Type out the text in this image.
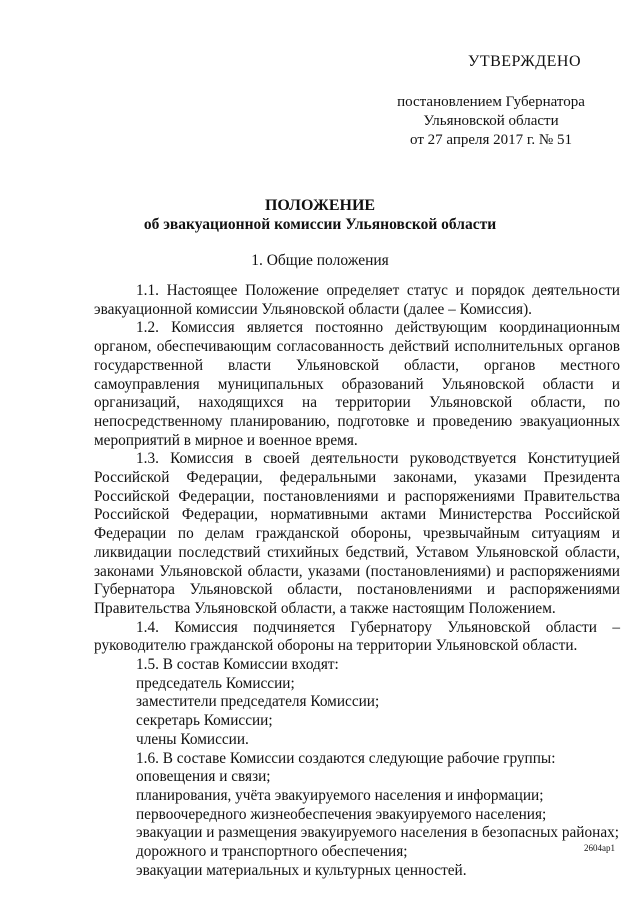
УТВЕРЖДЕНО
постановлением Губернатора
Ульяновской области
от 27 апреля 2017 г. № 51
ПОЛОЖЕНИЕ
об эвакуационной комиссии Ульяновской области
1. Общие положения

1.1. Настоящее Положение определяет статус и порядок деятельности эвакуационной комиссии Ульяновской области (далее – Комиссия).

1.2. Комиссия является постоянно действующим координационным органом, обеспечивающим согласованность действий исполнительных органов государственной власти Ульяновской области, органов местного самоуправления муниципальных образований Ульяновской области и организаций, находящихся на территории Ульяновской области, по непосредственному планированию, подготовке и проведению эвакуационных мероприятий в мирное и военное время.

1.3. Комиссия в своей деятельности руководствуется Конституцией Российской Федерации, федеральными законами, указами Президента Российской Федерации, постановлениями и распоряжениями Правительства Российской Федерации, нормативными актами Министерства Российской Федерации по делам гражданской обороны, чрезвычайным ситуациям и ликвидации последствий стихийных бедствий, Уставом Ульяновской области, законами Ульяновской области, указами (постановлениями) и распоряжениями Губернатора Ульяновской области, постановлениями и распоряжениями Правительства Ульяновской области, а также настоящим Положением.

1.4. Комиссия подчиняется Губернатору Ульяновской области – руководителю гражданской обороны на территории Ульяновской области.

1.5. В состав Комиссии входят:
председатель Комиссии;
заместители председателя Комиссии;
секретарь Комиссии;
члены Комиссии.
1.6. В составе Комиссии создаются следующие рабочие группы:
оповещения и связи;
планирования, учёта эвакуируемого населения и информации;
первоочередного жизнеобеспечения эвакуируемого населения;
эвакуации и размещения эвакуируемого населения в безопасных районах;
дорожного и транспортного обеспечения;
эвакуации материальных и культурных ценностей.
2604ap1
